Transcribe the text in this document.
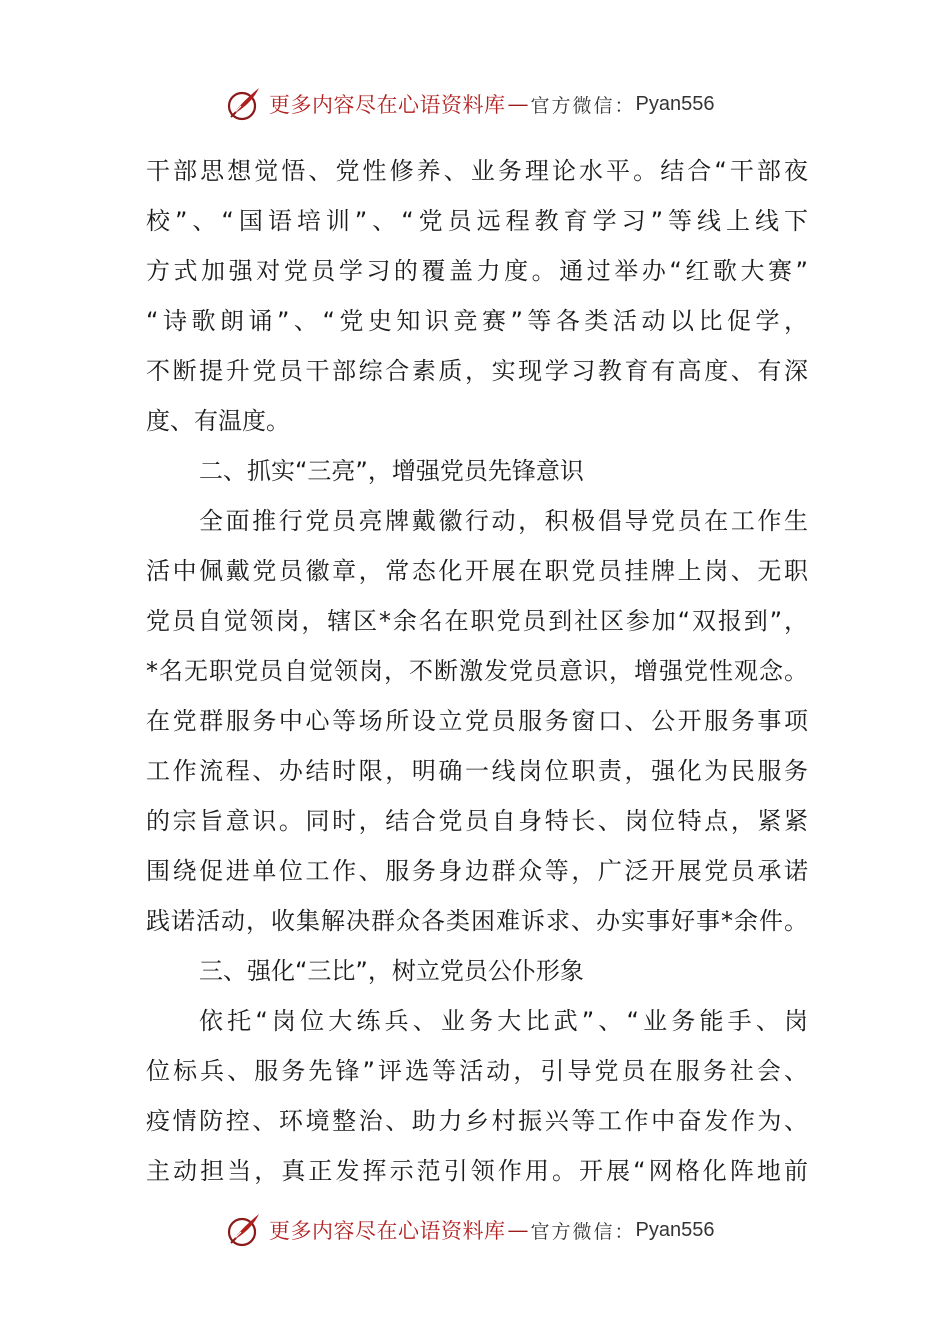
更多内容尽在心语资料库 — 官方微信： Pyan556
干部思想觉悟、党性修养、业务理论水平。结合“干部夜
校”、“国语培训”、“党员远程教育学习”等线上线下
方式加强对党员学习的覆盖力度。通过举办“红歌大赛”
“诗歌朗诵”、“党史知识竞赛”等各类活动以比促学，
不断提升党员干部综合素质，实现学习教育有高度、有深
度、有温度。
二、抓实“三亮”，增强党员先锋意识
全面推行党员亮牌戴徽行动，积极倡导党员在工作生
活中佩戴党员徽章，常态化开展在职党员挂牌上岗、无职
党员自觉领岗，辖区*余名在职党员到社区参加“双报到”，
*名无职党员自觉领岗，不断激发党员意识，增强党性观念。
在党群服务中心等场所设立党员服务窗口、公开服务事项
工作流程、办结时限，明确一线岗位职责，强化为民服务
的宗旨意识。同时，结合党员自身特长、岗位特点，紧紧
围绕促进单位工作、服务身边群众等，广泛开展党员承诺
践诺活动，收集解决群众各类困难诉求、办实事好事*余件。
三、强化“三比”，树立党员公仆形象
依托“岗位大练兵、业务大比武”、“业务能手、岗
位标兵、服务先锋”评选等活动，引导党员在服务社会、
疫情防控、环境整治、助力乡村振兴等工作中奋发作为、
主动担当，真正发挥示范引领作用。开展“网格化阵地前
更多内容尽在心语资料库 — 官方微信： Pyan556
